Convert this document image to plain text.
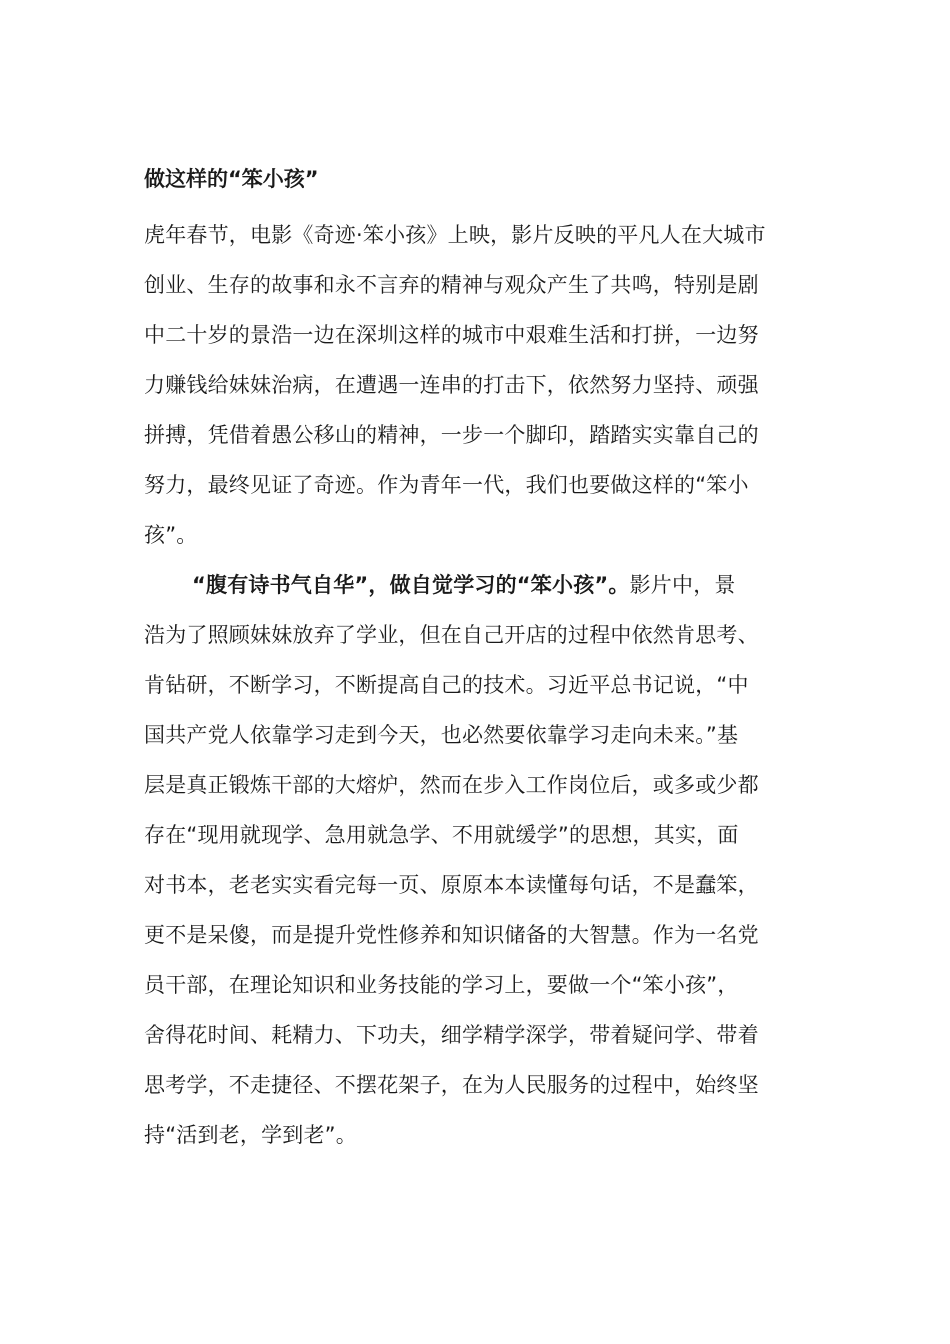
做这样的“笨小孩”
虎年春节，电影《奇迹·笨小孩》上映，影片反映的平凡人在大城市
创业、生存的故事和永不言弃的精神与观众产生了共鸣，特别是剧
中二十岁的景浩一边在深圳这样的城市中艰难生活和打拼，一边努
力赚钱给妹妹治病，在遭遇一连串的打击下，依然努力坚持、顽强
拼搏，凭借着愚公移山的精神，一步一个脚印，踏踏实实靠自己的
努力，最终见证了奇迹。作为青年一代，我们也要做这样的“笨小
孩”。
“腹有诗书气自华”，做自觉学习的“笨小孩”。影片中，景
浩为了照顾妹妹放弃了学业，但在自己开店的过程中依然肯思考、
肯钻研，不断学习，不断提高自己的技术。习近平总书记说，“中
国共产党人依靠学习走到今天，也必然要依靠学习走向未来。”基
层是真正锻炼干部的大熔炉，然而在步入工作岗位后，或多或少都
存在“现用就现学、急用就急学、不用就缓学”的思想，其实，面
对书本，老老实实看完每一页、原原本本读懂每句话，不是蠢笨，
更不是呆傻，而是提升党性修养和知识储备的大智慧。作为一名党
员干部，在理论知识和业务技能的学习上，要做一个“笨小孩”，
舍得花时间、耗精力、下功夫，细学精学深学，带着疑问学、带着
思考学，不走捷径、不摆花架子，在为人民服务的过程中，始终坚
持“活到老，学到老”。
